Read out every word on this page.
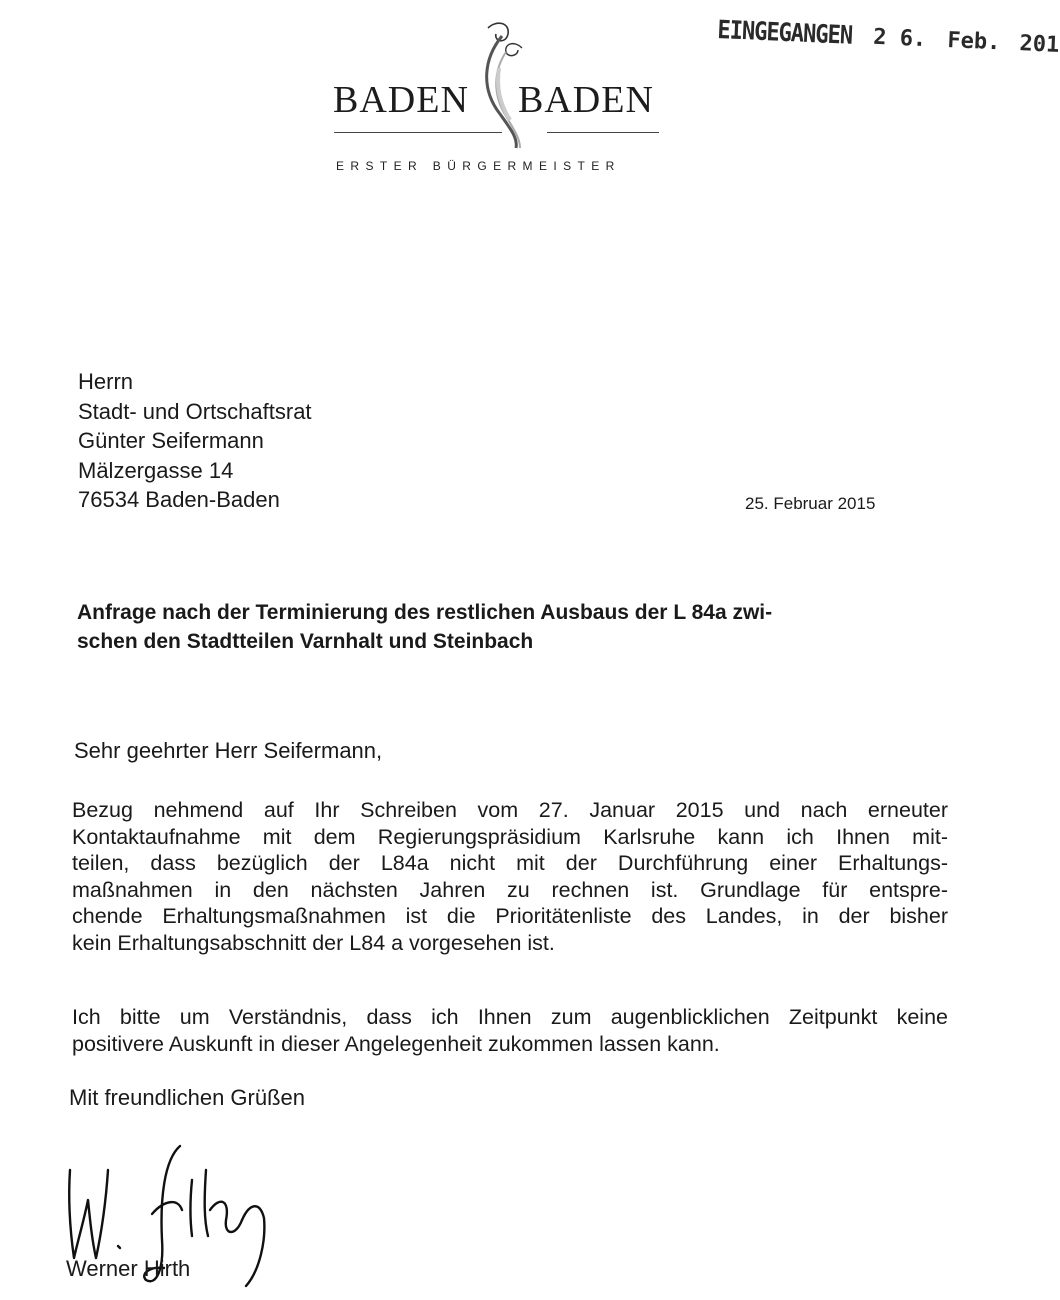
EINGEGANGEN 2 6. Feb. 201
BADEN BADEN
ERSTER BÜRGERMEISTER
Herrn
Stadt- und Ortschaftsrat
Günter Seifermann
Mälzergasse 14
76534 Baden-Baden	25. Februar 2015
Anfrage nach der Terminierung des restlichen Ausbaus der L 84a zwi-
schen den Stadtteilen Varnhalt und Steinbach
Sehr geehrter Herr Seifermann,
Bezug nehmend auf Ihr Schreiben vom 27. Januar 2015 und nach erneuter
Kontaktaufnahme mit dem Regierungspräsidium Karlsruhe kann ich Ihnen mit-
teilen, dass bezüglich der L84a nicht mit der Durchführung einer Erhaltungs-
maßnahmen in den nächsten Jahren zu rechnen ist. Grundlage für entspre-
chende Erhaltungsmaßnahmen ist die Prioritätenliste des Landes, in der bisher
kein Erhaltungsabschnitt der L84 a vorgesehen ist.
Ich bitte um Verständnis, dass ich Ihnen zum augenblicklichen Zeitpunkt keine
positivere Auskunft in dieser Angelegenheit zukommen lassen kann.
Mit freundlichen Grüßen
Werner Hirth
